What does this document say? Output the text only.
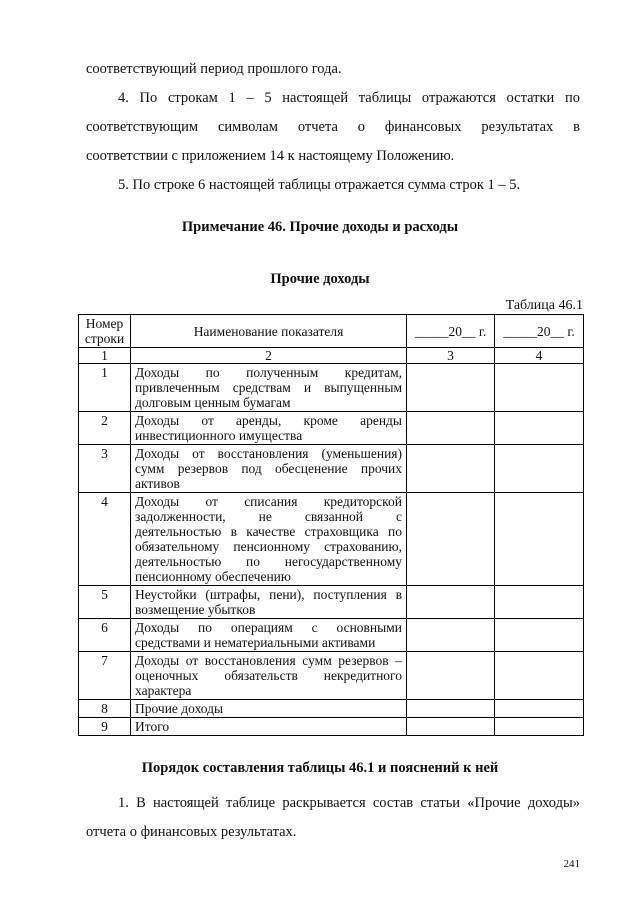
соответствующий период прошлого года.
4. По строкам 1 – 5 настоящей таблицы отражаются остатки по
соответствующим символам отчета о финансовых результатах в
соответствии с приложением 14 к настоящему Положению.
5. По строке 6 настоящей таблицы отражается сумма строк 1 – 5.
Примечание 46. Прочие доходы и расходы
Прочие доходы
Таблица 46.1
Номер строки	Наименование показателя	_____20__ г.	_____20__ г.
1	2	3	4
1	Доходы по полученным кредитам, привлеченным средствам и выпущенным долговым ценным бумагам		
2	Доходы от аренды, кроме аренды инвестиционного имущества		
3	Доходы от восстановления (уменьшения) сумм резервов под обесценение прочих активов		
4	Доходы от списания кредиторской задолженности, не связанной с деятельностью в качестве страховщика по обязательному пенсионному страхованию, деятельностью по негосударственному пенсионному обеспечению		
5	Неустойки (штрафы, пени), поступления в возмещение убытков		
6	Доходы по операциям с основными средствами и нематериальными активами		
7	Доходы от восстановления сумм резервов – оценочных обязательств некредитного характера		
8	Прочие доходы		
9	Итого		
Порядок составления таблицы 46.1 и пояснений к ней
1. В настоящей таблице раскрывается состав статьи «Прочие доходы»
отчета о финансовых результатах.
241
